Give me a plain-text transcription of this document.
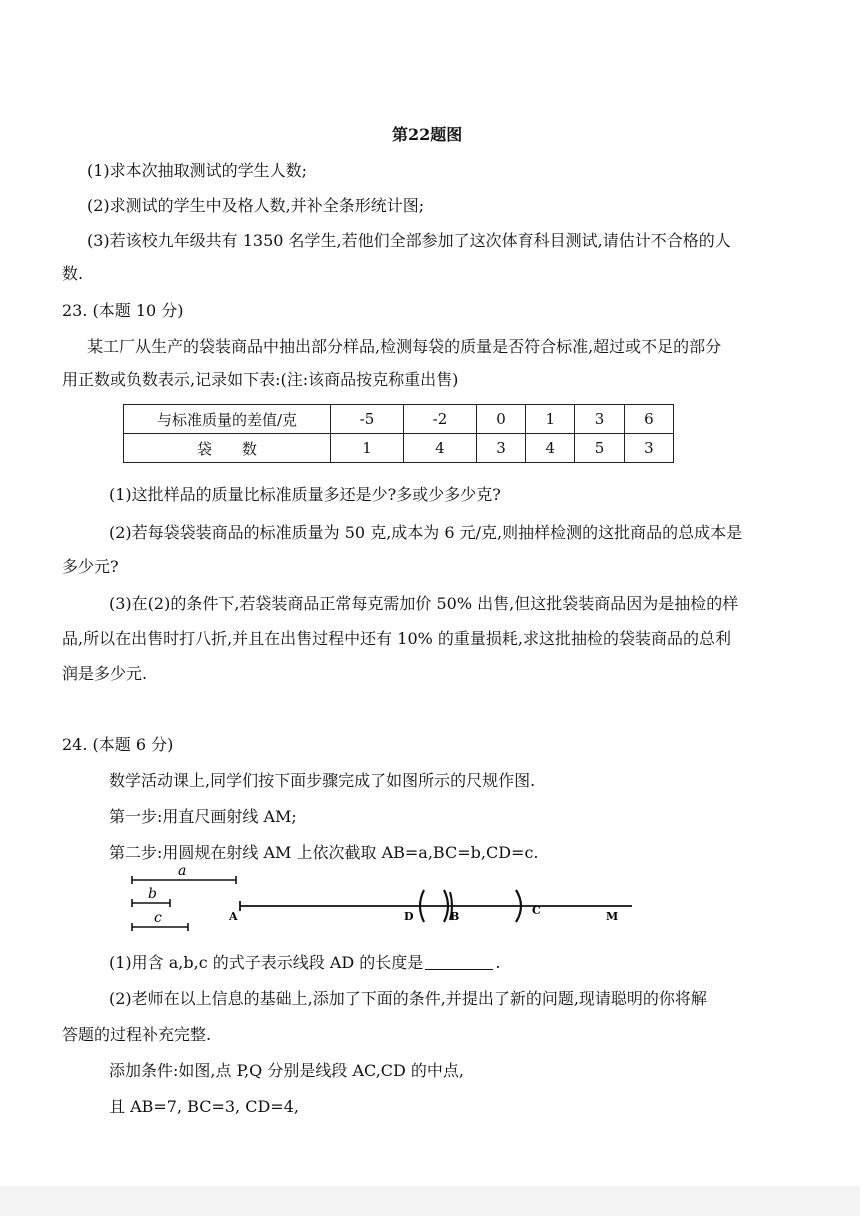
第22题图
(1)求本次抽取测试的学生人数;
(2)求测试的学生中及格人数,并补全条形统计图;
(3)若该校九年级共有 1350 名学生,若他们全部参加了这次体育科目测试,请估计不合格的人
数.
23. (本题 10 分)
某工厂从生产的袋装商品中抽出部分样品,检测每袋的质量是否符合标准,超过或不足的部分
用正数或负数表示,记录如下表:(注:该商品按克称重出售)
与标准质量的差值/克	-5	-2	0	1	3	6
袋　　数	1	4	3	4	5	3
(1)这批样品的质量比标准质量多还是少?多或少多少克?
(2)若每袋袋装商品的标准质量为 50 克,成本为 6 元/克,则抽样检测的这批商品的总成本是
多少元?
(3)在(2)的条件下,若袋装商品正常每克需加价 50% 出售,但这批袋装商品因为是抽检的样
品,所以在出售时打八折,并且在出售过程中还有 10% 的重量损耗,求这批抽检的袋装商品的总利
润是多少元.
24. (本题 6 分)
数学活动课上,同学们按下面步骤完成了如图所示的尺规作图.
第一步:用直尺画射线 AM;
第二步:用圆规在射线 AM 上依次截取 AB=a,BC=b,CD=c.
a
b
c	A	D	B	C	M
(1)用含 a,b,c 的式子表示线段 AD 的长度是	.
(2)老师在以上信息的基础上,添加了下面的条件,并提出了新的问题,现请聪明的你将解
答题的过程补充完整.
添加条件:如图,点 P,Q 分别是线段 AC,CD 的中点,
且 AB=7, BC=3, CD=4,
